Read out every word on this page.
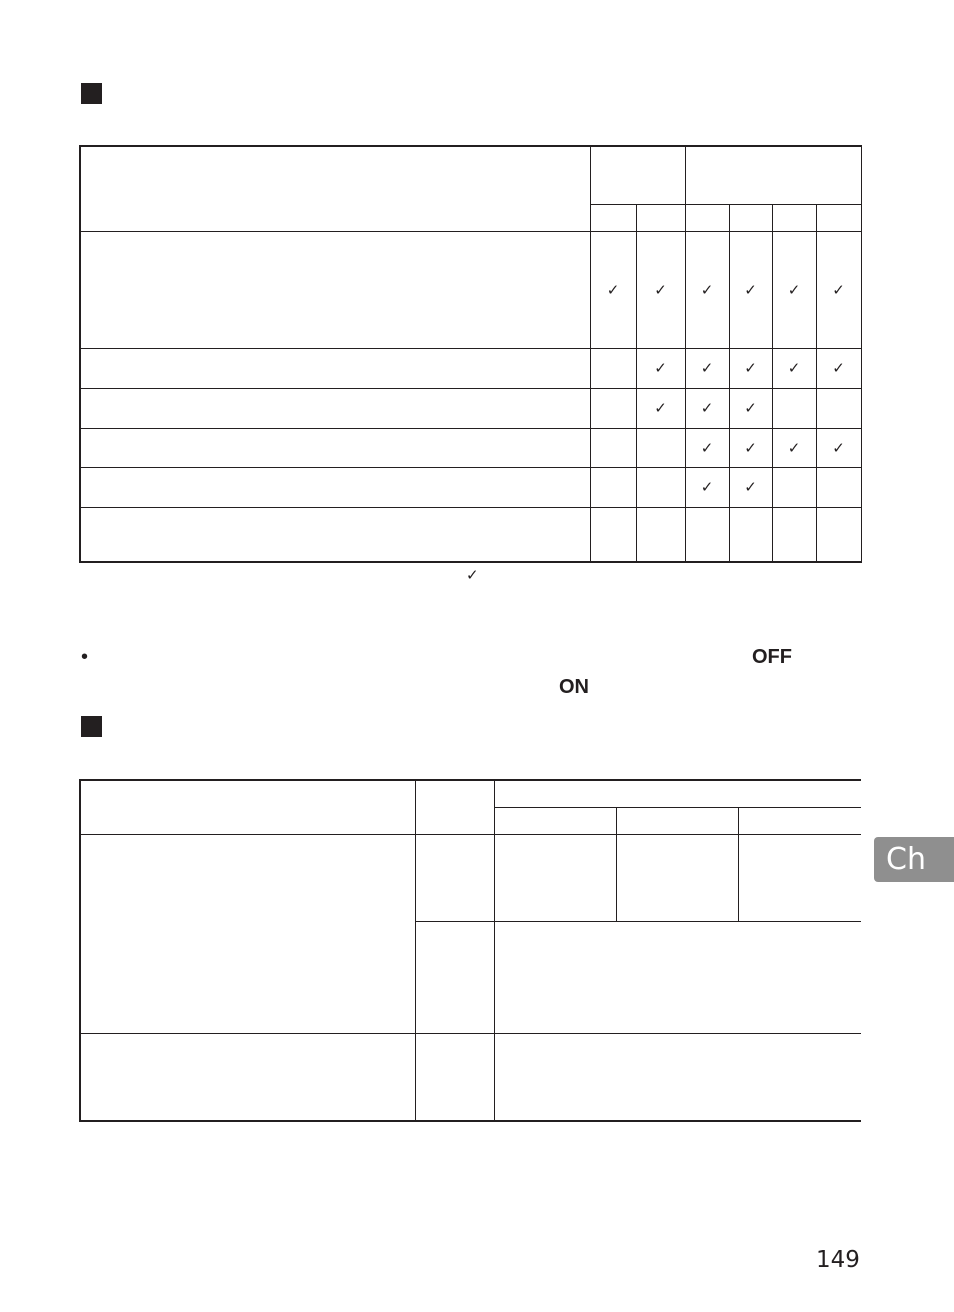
	✓	✓	✓	✓	✓	✓
		✓	✓	✓	✓	✓
		✓	✓	✓		
			✓	✓	✓	✓
			✓	✓		

✓
•	OFF
ON

Ch
149
